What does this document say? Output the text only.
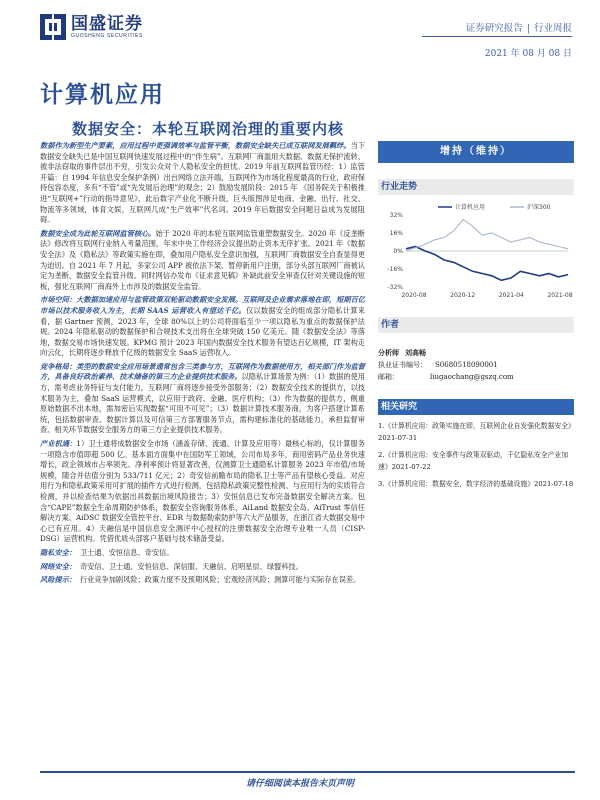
国盛证券
GUOSHENG SECURITIES
证券研究报告 | 行业周报
2021 年 08 月 08 日
计算机应用
数据安全：本轮互联网治理的重要内核

数据作为新型生产要素，应用过程中更强调效率与监管平衡，数据安全缺失已成互联网发展羁绊。当下数据安全缺失已是中国互联网快速发展过程中的“伴生病”。互联网厂商滥用大数据、数据无保护流转、被非法窃取的事件层出不穷，引发公众对个人隐私安全的担忧。2019 年前互联网监管历经：1）监管开篇：自 1994 年信息安全保护条例）出台网络立法开端，互联网作为市场化程度最高的行业，政府保持包容态度，多有“不管”或“先发展后治理”的观念；2）鼓励发展阶段：2015 年 《国务院关于积极推进“互联网+”行动的指导意见》，此后数字产业化不断升级，巨头版图涉足电商、金融、出行、社交、物流等多领域，体育文娱。互联网几成“生产效率”代名词。2019 年后数据安全问题日益成为发展阻碍。

数据安全成为此轮互联网监管核心。始于 2020 年的本轮互联网监管重塑数据安全。2020 年《反垄断法》修改将互联网行业纳入考量范围，年末中央工作经济会议提出防止资本无序扩张。2021 年《数据安全法》及《隐私法》等政策实施在即，叠加用户隐私安全意识加强，互联网厂商数据安全自查显得更为迫切。自 2021 年 7 月起，多家公司 APP 被依法下架、暂停新用户注册，部分头部互联网厂商被认定为垄断，数据安全监管升级。同时网信办发布《征求意见稿》补缺此前安全审查仅针对关键设施的短板，强化互联网厂商海外上市涉及的数据安全监管。

市场空间：大数据加速应用与监管政策双轮驱动数据安全发展。互联网及企业需求落地在即，短期百亿市场以技术服务收入为主，长期 SAAS 运营收入有望达千亿。仅以数据安全的组成部分隐私计算来看，据 Gartner 预测，2023 年，全球 80%以上的公司将面临至少一项以隐私为重点的数据保护法规。2024 年隐私驱动的数据保护和合规技术支出将在全球突破 150 亿美元。随《数据安全法》等落地，数据交易市场快速发展。KPMG 预计 2023 年国内数据安全技术服务有望达百亿规模，IT 架构走向云化，长期将逐步释放千亿级的数据安全 SaaS 运营收入。

竞争格局：类型的数据安全应用场景通常包含三类参与方，互联网作为数据使用方，相关部门作为监督方，具备良好政治素养、技术储备的第三方企业提供技术服务。以隐私计算场景为例：（1）数据的使用方，需考虑业务特征与支付能力，互联网厂商将逐步接受外部服务；（2）数据安全技术的提供方，以技术服务为主，叠加 SaaS 运营模式，以应用于政府、金融、医疗机构；（3）作为数据的提供方，侧重原始数据不出本地，需加密后实现数据“可用不可见”；（3）数据计算技术服务商，为客户搭建计算系统，包括数据审查、数据计算以及可信第三方部署服务节点，需构建标准化的基础能力，承担监督审查、相关环节数据安全服务方的第三方企业提供技术服务。

产业机遇：1）卫士通将成数据安全市场（涵盖存储、流通、计算及应用等）最核心标的，仅计算服务一项隐含市值即超 500 亿。基本面方面集中在国防军工领域，公司布局多年，商用密码产品业务快速增长，政企领域市占率领先。净利率预计将显著改善，仅测算卫士通隐私计算服务 2023 年市值/市场规模，随合并估值分别为 533/711 亿元；2）奇安信前瞻布局的隐私卫士等产品有望核心受益。对应用行为和隐私政策采用可扩展的插件方式进行检测，包括隐私政策完整性检测、与应用行为的实质符合检测，并以检查结果为依据出具数据出境风险报告；3）安恒信息已发布完备数据安全解决方案。包含“CAPE”数据全生命周期防护体系，数据安全咨询服务体系，AiLand 数据安全岛、AiTrust 零信任解决方案、AiDSC 数据安全管控平台、EDR 与数据勒索防护等六大产品服务，在浙江省大数据交易中心已有应用。4）天融信是中国信息安全测评中心授权的注册数据安全治理专业唯一人员（CISP-DSG）运营机构。凭借优质头部客户基础与技术储备受益。

隐私安全： 卫士通、安恒信息、奇安信。

网络安全： 奇安信、卫士通、安恒信息、深信服、天融信、启明星辰、绿盟科技。

风险提示： 行业竞争加剧风险；政策力度不及预期风险；宏观经济风险；测算可能与实际存在误差。

增持（维持）
行业走势
32%
16%
0%
-16%
-32%
2020-08	2020-12	2021-04	2021-08
计算机应用	沪深300
作者
分析师 刘高畅
执业证书编号： S0680518090001
邮箱：	liugaochang@gszq.com
相关研究

1.《计算机应用：政策实施在即，互联网企业自发强化数据安全》2021-07-31

2.《计算机应用：安全事件与政策双驱动，千亿隐私安全产业加速》2021-07-22

3.《计算机应用：数据安全，数字经济的基础设施》2021-07-18

请仔细阅读本报告末页声明
